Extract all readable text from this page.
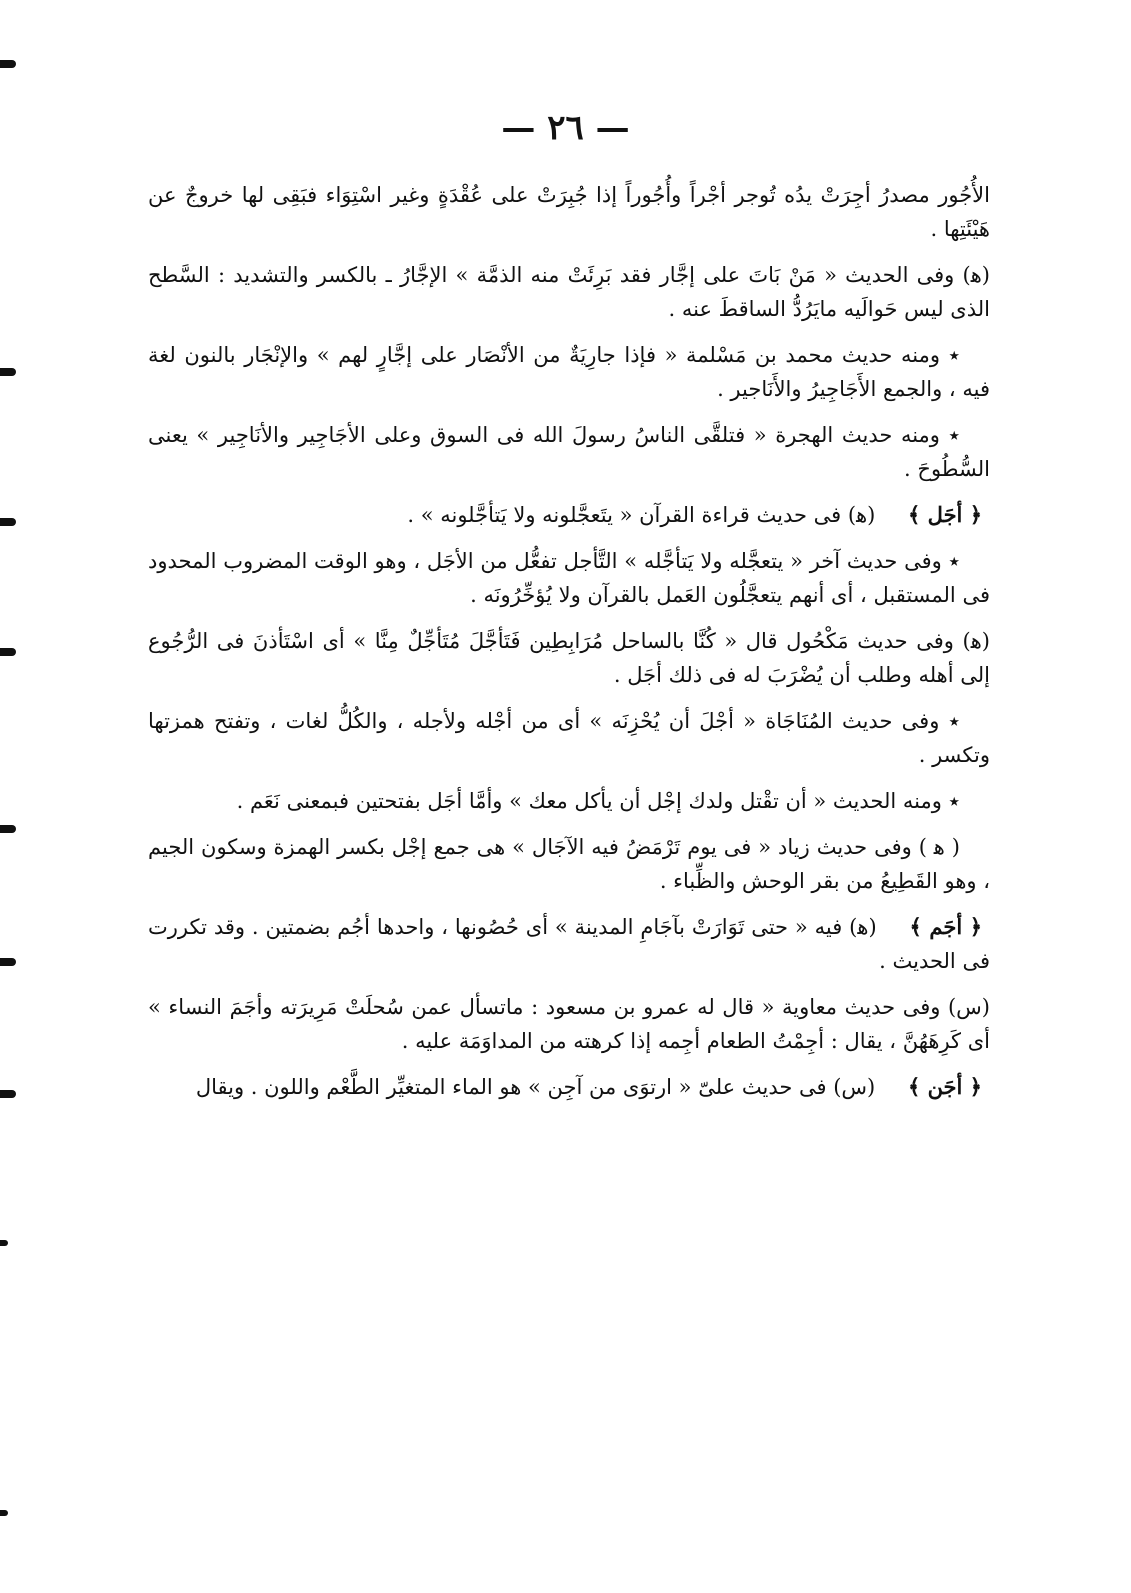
— ٢٦ —

الأُجُور مصدرُ أجِرَتْ يدُه تُوجر أجْراً وأُجُوراً إذا جُبِرَتْ على عُقْدَةٍ وغير اسْتِوَاء فبَقِى لها خروجٌ عن هَيْئَتِها .

(ﻫ) وفى الحديث « مَنْ بَاتَ على إجَّار فقد بَرِئَتْ منه الذمَّة » الإجَّارُ ـ بالكسر والتشديد : السَّطح الذى ليس حَوالَيه مايَرُدُّ الساقطَ عنه .

٭ ومنه حديث محمد بن مَسْلمة « فإذا جارِيَةٌ من الأنْصَار على إجَّارٍ لهم » والإنْجَار بالنون لغة فيه ، والجمع الأَجَاجِيرُ والأَنَاجير .

٭ ومنه حديث الهجرة « فتلقَّى الناسُ رسولَ الله فى السوق وعلى الأجَاجِير والأنَاجِير » يعنى السُّطُوحَ .

﴿ أجَل ﴾ (ﻫ) فى حديث قراءة القرآن « يتَعجَّلونه ولا يَتأجَّلونه » .

٭ وفى حديث آخر « يتعجَّله ولا يَتأجَّله » التَّأجل تفعُّل من الأجَل ، وهو الوقت المضروب المحدود فى المستقبل ، أى أنهم يتعجَّلُون العَمل بالقرآن ولا يُؤخِّرُونَه .

(ﻫ) وفى حديث مَكْحُول قال « كُنَّا بالساحل مُرَابِطِين فَتَأجَّلَ مُتَأجِّلٌ مِنَّا » أى اسْتَأذنَ فى الرُّجُوع إلى أهله وطلب أن يُضْرَبَ له فى ذلك أجَل .

٭ وفى حديث المُنَاجَاة « أجْلَ أن يُحْزِنَه » أى من أجْله ولأجله ، والكُلُّ لغات ، وتفتح همزتها وتكسر .

٭ ومنه الحديث « أن تقْتل ولدك إجْل أن يأكل معك » وأمَّا أجَل بفتحتين فبمعنى نَعَم .

( ﻫ ) وفى حديث زياد « فى يوم تَرْمَضُ فيه الآجَال » هى جمع إجْل بكسر الهمزة وسكون الجيم ، وهو القَطِيعُ من بقر الوحش والظِّباء .

﴿ أجَم ﴾ (ﻫ) فيه « حتى تَوَارَتْ بآجَامِ المدينة » أى حُصُونها ، واحدها أجُم بضمتين . وقد تكررت فى الحديث .

(س) وفى حديث معاوية « قال له عمرو بن مسعود : ماتسأل عمن سُحلَتْ مَرِيرَته وأجَمَ النساء » أى كَرِهَهُنَّ ، يقال : أجِمْتُ الطعام أجِمه إذا كرهته من المداوَمَة عليه .

﴿ أجَن ﴾ (س) فى حديث علىّ « ارتوَى من آجِن » هو الماء المتغيِّر الطَّعْم واللون . ويقال
